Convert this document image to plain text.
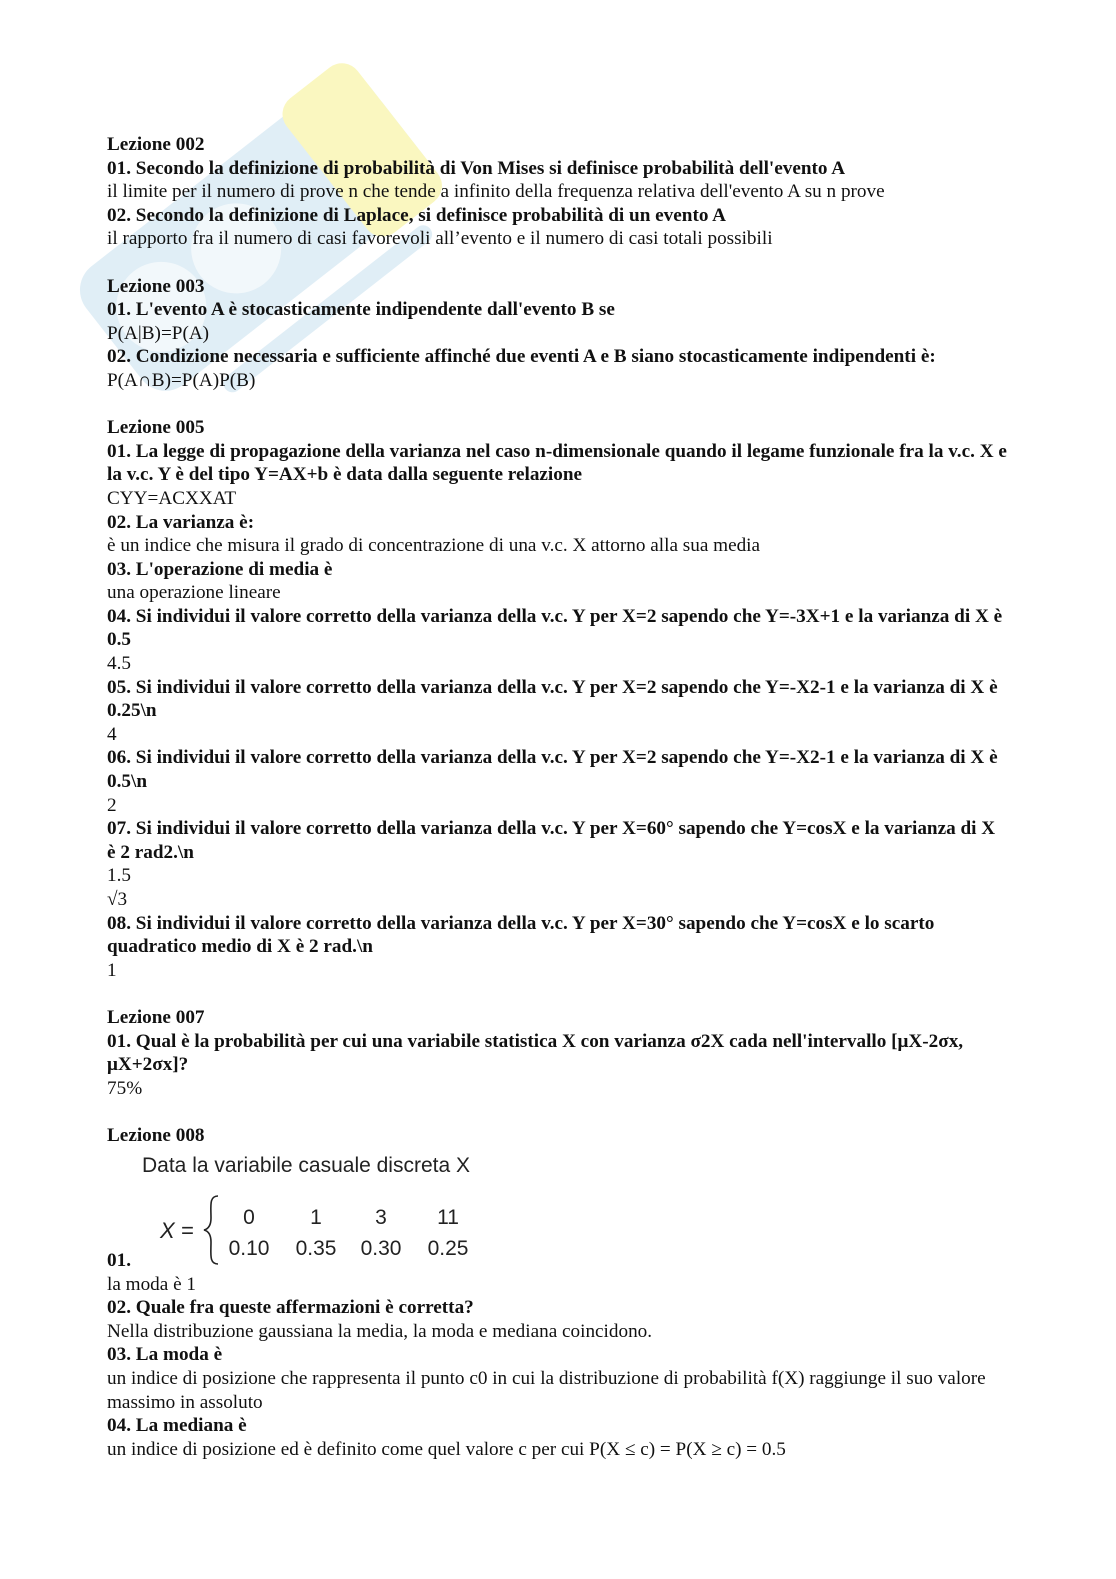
Lezione 002

01. Secondo la definizione di probabilità di Von Mises si definisce probabilità dell'evento A

il limite per il numero di prove n che tende a infinito della frequenza relativa dell'evento A su n prove

02. Secondo la definizione di Laplace, si definisce probabilità di un evento A

il rapporto fra il numero di casi favorevoli all’evento e il numero di casi totali possibili

Lezione 003

01. L'evento A è stocasticamente indipendente dall'evento B se

P(A|B)=P(A)

02. Condizione necessaria e sufficiente affinché due eventi A e B siano stocasticamente indipendenti è:

P(A∩B)=P(A)P(B)

Lezione 005

01. La legge di propagazione della varianza nel caso n-dimensionale quando il legame funzionale fra la v.c. X e la v.c. Y è del tipo Y=AX+b è data dalla seguente relazione

CYY=ACXXAT

02. La varianza è:

è un indice che misura il grado di concentrazione di una v.c. X attorno alla sua media

03. L'operazione di media è

una operazione lineare

04. Si individui il valore corretto della varianza della v.c. Y per X=2 sapendo che Y=-3X+1 e la varianza di X è 0.5

4.5

05. Si individui il valore corretto della varianza della v.c. Y per X=2 sapendo che Y=-X2-1 e la varianza di X è 0.25\n

4

06. Si individui il valore corretto della varianza della v.c. Y per X=2 sapendo che Y=-X2-1 e la varianza di X è 0.5\n

2

07. Si individui il valore corretto della varianza della v.c. Y per X=60° sapendo che Y=cosX e la varianza di X è 2 rad2.\n

1.5

√3

08. Si individui il valore corretto della varianza della v.c. Y per X=30° sapendo che Y=cosX e lo scarto quadratico medio di X è 2 rad.\n

1

Lezione 007

01. Qual è la probabilità per cui una variabile statistica X con varianza σ2X cada nell'intervallo [μX-2σx, μX+2σx]?

75%

Lezione 008

01.
Data la variabile casuale discreta X
X =
0	1	3	11
0.10	0.35	0.30	0.25

la moda è 1

02. Quale fra queste affermazioni è corretta?

Nella distribuzione gaussiana la media, la moda e mediana coincidono.

03. La moda è

un indice di posizione che rappresenta il punto c0 in cui la distribuzione di probabilità f(X) raggiunge il suo valore massimo in assoluto

04. La mediana è

un indice di posizione ed è definito come quel valore c per cui P(X ≤ c) = P(X ≥ c) = 0.5
